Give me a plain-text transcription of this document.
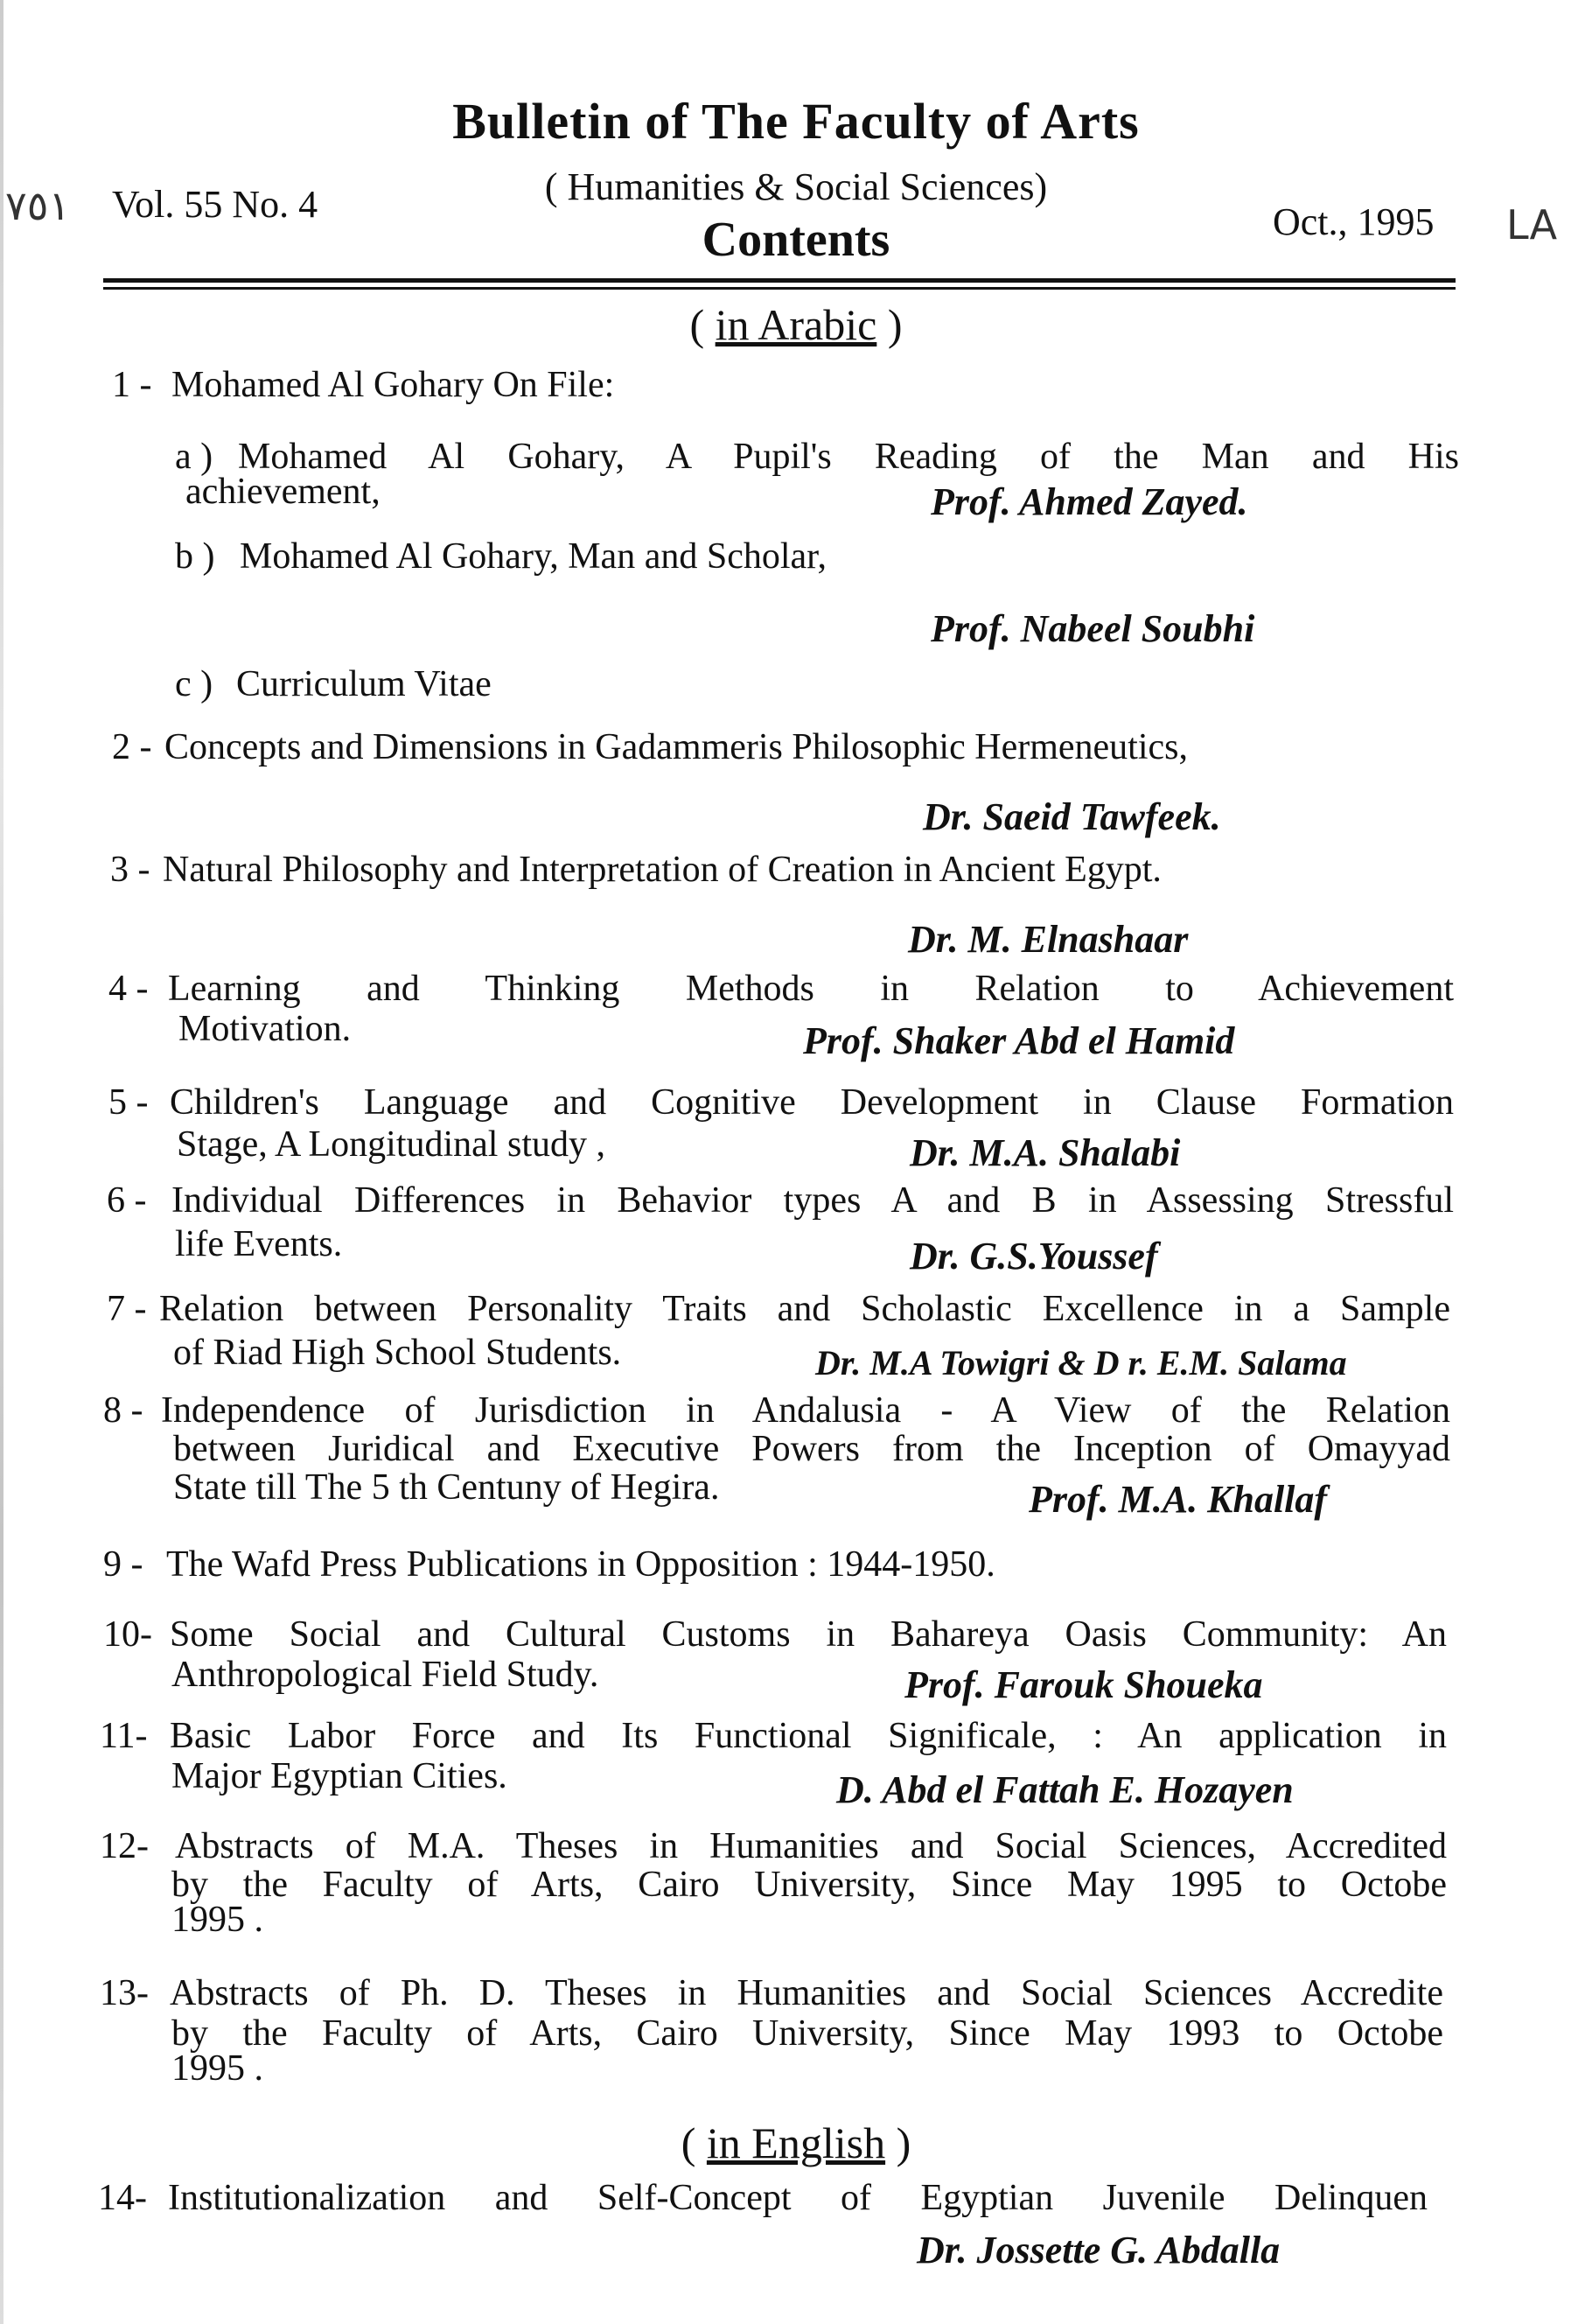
٧٥١
Bulletin of The Faculty of Arts
Vol. 55 No. 4	( Humanities & Social Sciences)
Oct., 1995 LA
Contents
( in Arabic )
1 - Mohamed Al Gohary On File:
a ) Mohamed Al Gohary, A Pupil's Reading of the Man and His
achievement,	Prof. Ahmed Zayed.
b ) Mohamed Al Gohary, Man and Scholar,
Prof. Nabeel Soubhi
c ) Curriculum Vitae
2 - Concepts and Dimensions in Gadammeris Philosophic Hermeneutics,
Dr. Saeid Tawfeek.
3 - Natural Philosophy and Interpretation of Creation in Ancient Egypt.
Dr. M. Elnashaar
4 - Learning and Thinking Methods in Relation to Achievement
Motivation.	Prof. Shaker Abd el Hamid
5 - Children's Language and Cognitive Development in Clause Formation
Stage, A Longitudinal study ,	Dr. M.A. Shalabi
6 - Individual Differences in Behavior types A and B in Assessing Stressful
life Events.	Dr. G.S.Youssef
7 - Relation between Personality Traits and Scholastic Excellence in a Sample
of Riad High School Students.	Dr. M.A Towigri & D r. E.M. Salama
8 - Independence of Jurisdiction in Andalusia - A View of the Relation
between Juridical and Executive Powers from the Inception of Omayyad
State till The 5 th Centuny of Hegira.	Prof. M.A. Khallaf
9 - The Wafd Press Publications in Opposition : 1944-1950.
10- Some Social and Cultural Customs in Bahareya Oasis Community: An
Anthropological Field Study.	Prof. Farouk Shoueka
11- Basic Labor Force and Its Functional Significale, : An application in
Major Egyptian Cities.	D. Abd el Fattah E. Hozayen
12- Abstracts of M.A. Theses in Humanities and Social Sciences, Accredited
by the Faculty of Arts, Cairo University, Since May 1995 to Octobe
1995 .
13- Abstracts of Ph. D. Theses in Humanities and Social Sciences Accredite
by the Faculty of Arts, Cairo University, Since May 1993 to Octobe
1995 .
( in English )
14- Institutionalization and Self-Concept of Egyptian Juvenile Delinquen
Dr. Jossette G. Abdalla
